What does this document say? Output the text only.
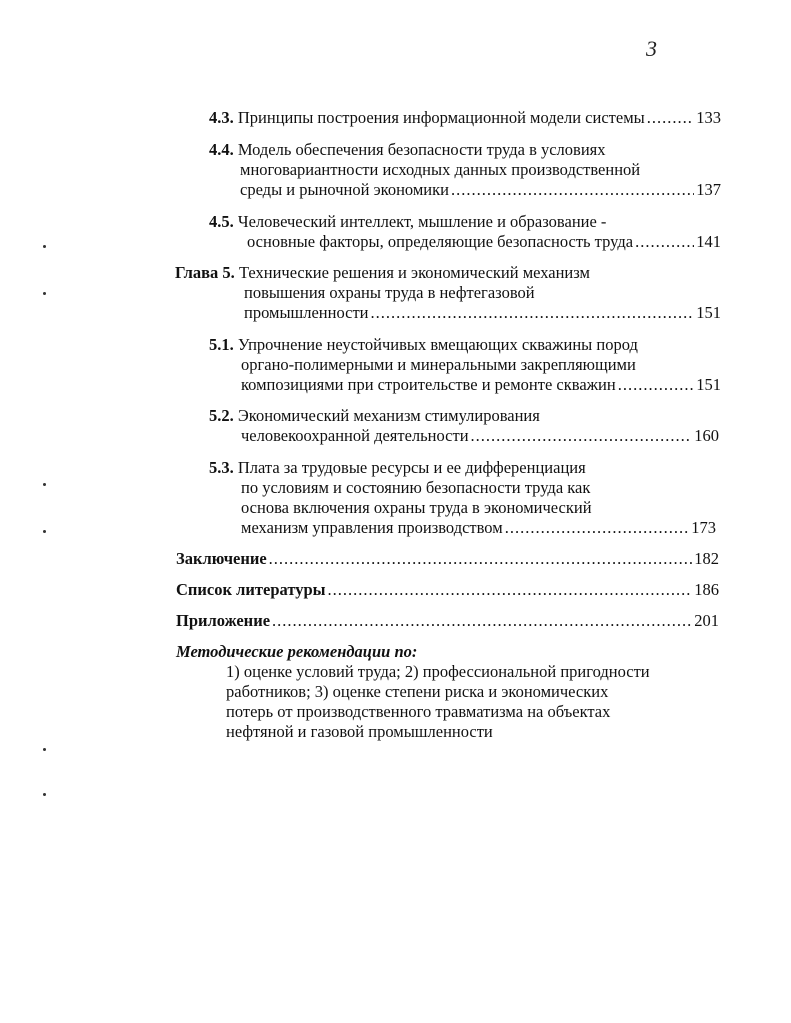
3
4.3.
Принципы построения информационной модели системы .....	133
4.4. Модель обеспечения безопасности труда в условиях
многовариантности исходных данных производственной
среды и рыночной экономики .....	137
4.5. Человеческий интеллект, мышление и образование -
основные факторы, определяющие безопасность труда .....	141
Глава 5. Технические решения и экономический механизм
повышения охраны труда в нефтегазовой
промышленности .....	151
5.1. Упрочнение неустойчивых вмещающих скважины пород
органо-полимерными и минеральными закрепляющими
композициями при строительстве и ремонте скважин .....	151
5.2. Экономический механизм стимулирования
человекоохранной деятельности .....	160
5.3. Плата за трудовые ресурсы и ее дифференциация
по условиям и состоянию безопасности труда как
основа включения охраны труда в экономический
механизм управления производством .....	173
Заключение .....	182
Список литературы .....	186
Приложение .....	201
Методические рекомендации по:
1) оценке условий труда; 2) профессиональной пригодности
работников; 3) оценке степени риска и экономических
потерь от производственного травматизма на объектах
нефтяной и газовой промышленности
